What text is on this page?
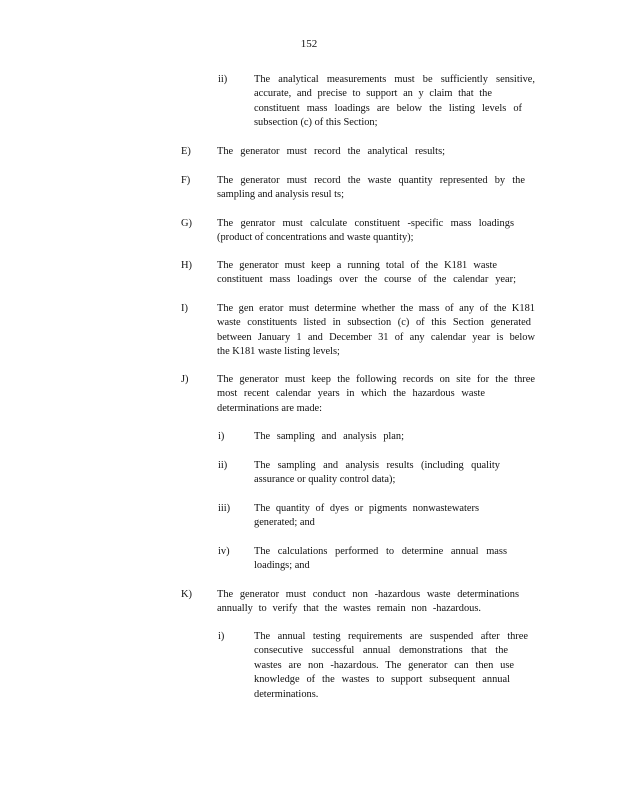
152
ii)	The analytical measurements must be sufficiently sensitive,
accurate, and precise to support an y claim that the
constituent mass loadings are below the listing levels of
subsection (c) of this Section;
E)	The generator must record the analytical results;
F)	The generator must record the waste quantity represented by the
sampling and analysis resul ts;
G) The genrator must calculate constituent -specific mass loadings
(product of concentrations and waste quantity);
H) The generator must keep a running total of the K181 waste
constituent mass loadings over the course of the calendar year;
I)	The gen erator must determine whether the mass of any of the K181
waste constituents listed in subsection (c) of this Section generated
between January 1 and December 31 of any calendar year is below
the K181 waste listing levels;
J)	The generator must keep the following records on site for the three
most recent calendar years in which the hazardous waste
determinations are made:
i)	The sampling and analysis plan;
ii)	The sampling and analysis results (including quality
assurance or quality control data);
iii) The quantity of dyes or pigments nonwastewaters
generated; and
iv) The calculations performed to determine annual mass
loadings; and
K) The generator must conduct non -hazardous waste determinations
annually to verify that the wastes remain non -hazardous.
i)	The annual testing requirements are suspended after three
consecutive successful annual demonstrations that the
wastes are non -hazardous. The generator can then use
knowledge of the wastes to support subsequent annual
determinations.
